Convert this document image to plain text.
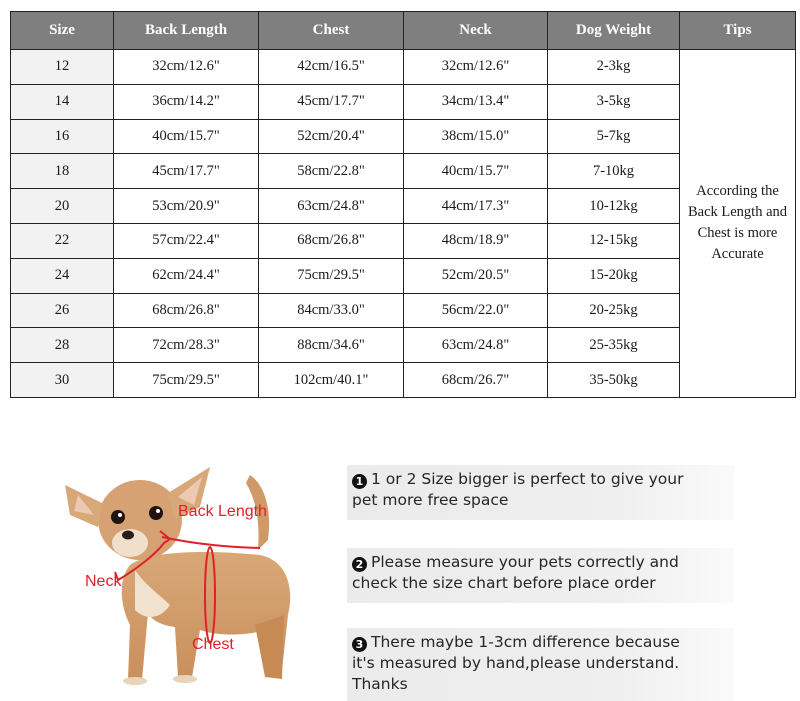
Size	Back Length	Chest	Neck	Dog Weight	Tips
12	32cm/12.6"	42cm/16.5"	32cm/12.6"	2-3kg	According the
Back Length and
Chest is more
Accurate
14	36cm/14.2"	45cm/17.7"	34cm/13.4"	3-5kg	
16	40cm/15.7"	52cm/20.4"	38cm/15.0"	5-7kg	
18	45cm/17.7"	58cm/22.8"	40cm/15.7"	7-10kg	
20	53cm/20.9"	63cm/24.8"	44cm/17.3"	10-12kg	
22	57cm/22.4"	68cm/26.8"	48cm/18.9"	12-15kg	
24	62cm/24.4"	75cm/29.5"	52cm/20.5"	15-20kg	
26	68cm/26.8"	84cm/33.0"	56cm/22.0"	20-25kg	
28	72cm/28.3"	88cm/34.6"	63cm/24.8"	25-35kg	
30	75cm/29.5"	102cm/40.1"	68cm/26.7"	35-50kg	
Back Length
Neck
Chest
1 1 or 2 Size bigger is perfect to give your
pet more free space
2 Please measure your pets correctly and
check the size chart before place order
3 There maybe 1-3cm difference because
it's measured by hand,please understand.
Thanks
